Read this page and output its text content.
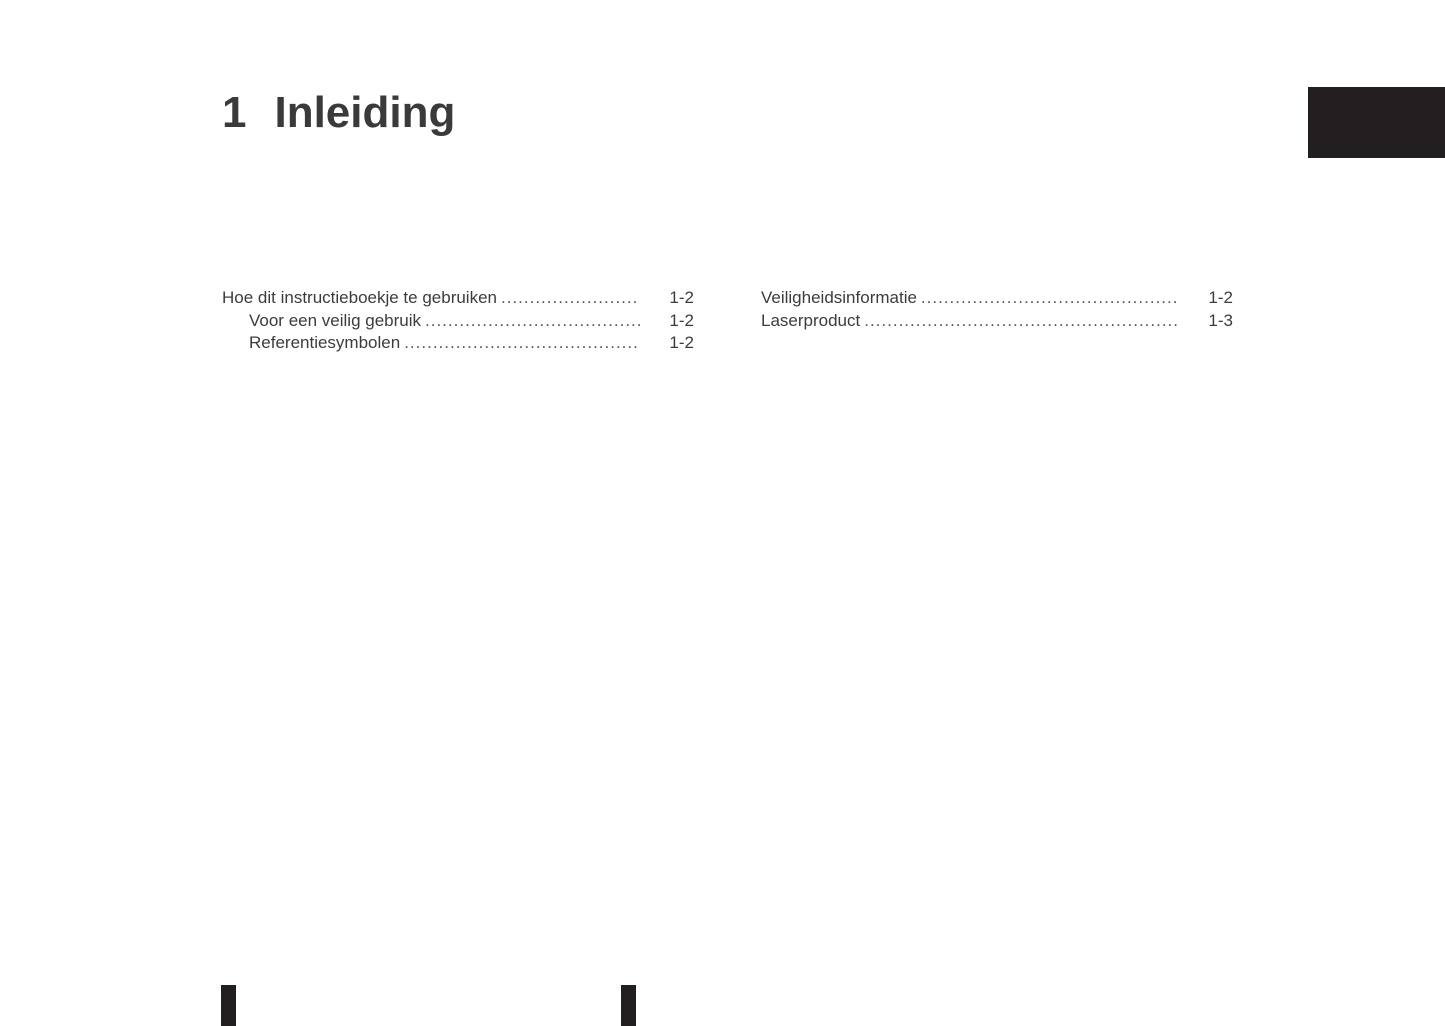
1 Inleiding
Hoe dit instructieboekje te gebruiken .....	1-2
Voor een veilig gebruik .....	1-2
Referentiesymbolen .....	1-2
Veiligheidsinformatie .....	1-2
Laserproduct .....	1-3
